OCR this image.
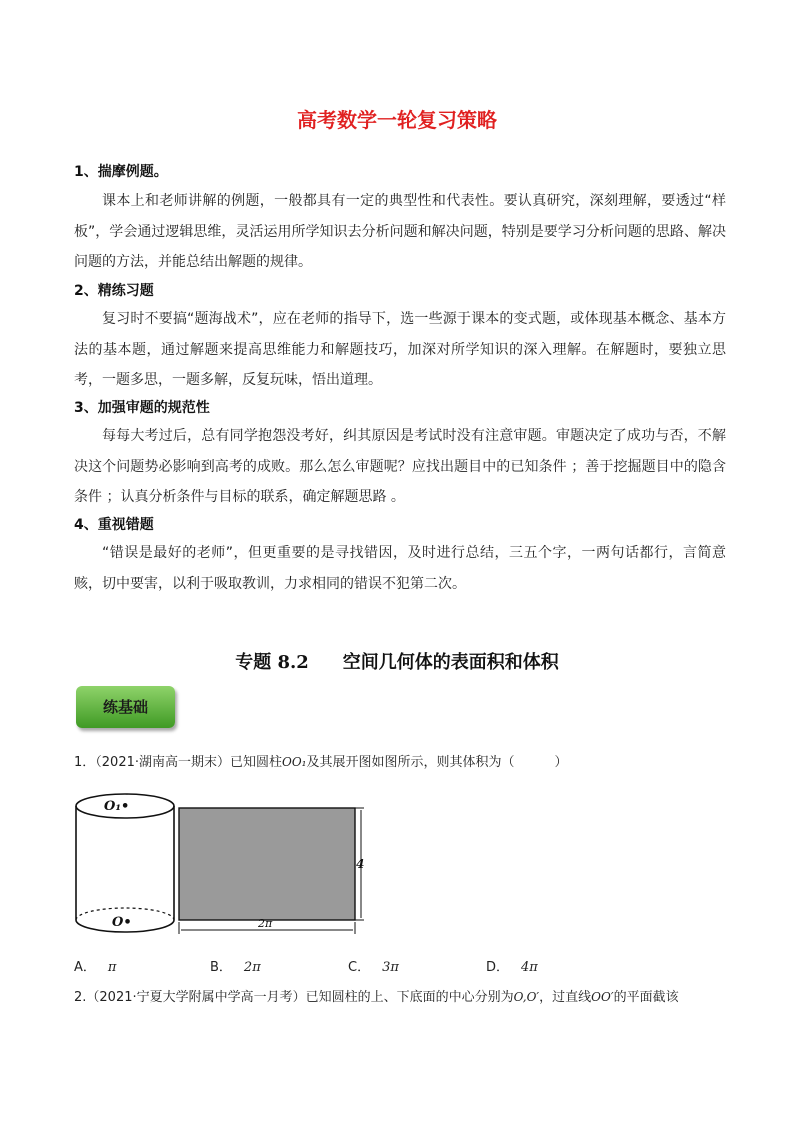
高考数学一轮复习策略
1、揣摩例题。
课本上和老师讲解的例题，一般都具有一定的典型性和代表性。要认真研究，深刻理解，要透过“样板”，学会通过逻辑思维，灵活运用所学知识去分析问题和解决问题，特别是要学习分析问题的思路、解决问题的方法，并能总结出解题的规律。
2、精练习题
复习时不要搞“题海战术”，应在老师的指导下，选一些源于课本的变式题，或体现基本概念、基本方法的基本题，通过解题来提高思维能力和解题技巧，加深对所学知识的深入理解。在解题时，要独立思考，一题多思，一题多解，反复玩味，悟出道理。
3、加强审题的规范性
每每大考过后，总有同学抱怨没考好，纠其原因是考试时没有注意审题。审题决定了成功与否，不解决这个问题势必影响到高考的成败。那么怎么审题呢？应找出题目中的已知条件 ；善于挖掘题目中的隐含条件 ；认真分析条件与目标的联系，确定解题思路 。
4、重视错题
“错误是最好的老师”，但更重要的是寻找错因，及时进行总结，三五个字，一两句话都行，言简意赅，切中要害，以利于吸取教训，力求相同的错误不犯第二次。
专题 8.2 空间几何体的表面积和体积
练基础
1．（2021·湖南高一期末）已知圆柱OO₁及其展开图如图所示，则其体积为（	）
O₁•
O•
4
2π
A． π	B． 2π	C． 3π	D． 4π
2.（2021·宁夏大学附属中学高一月考）已知圆柱的上、下底面的中心分别为O,O′，过直线OO′的平面截该
